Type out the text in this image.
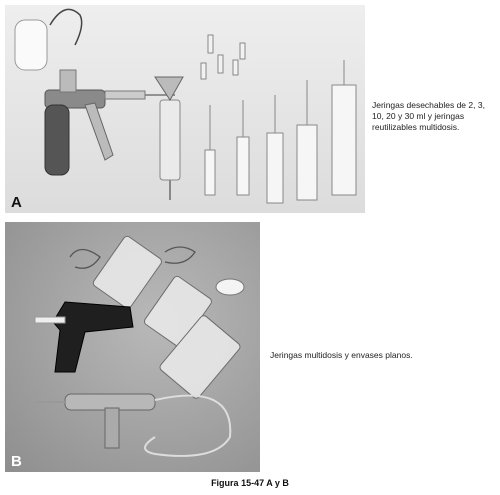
A
Jeringas desechables de 2, 3, 10, 20 y 30 ml y jeringas reutilizables multidosis.
B
Jeringas multidosis y envases planos.
Figura 15-47 A y B
